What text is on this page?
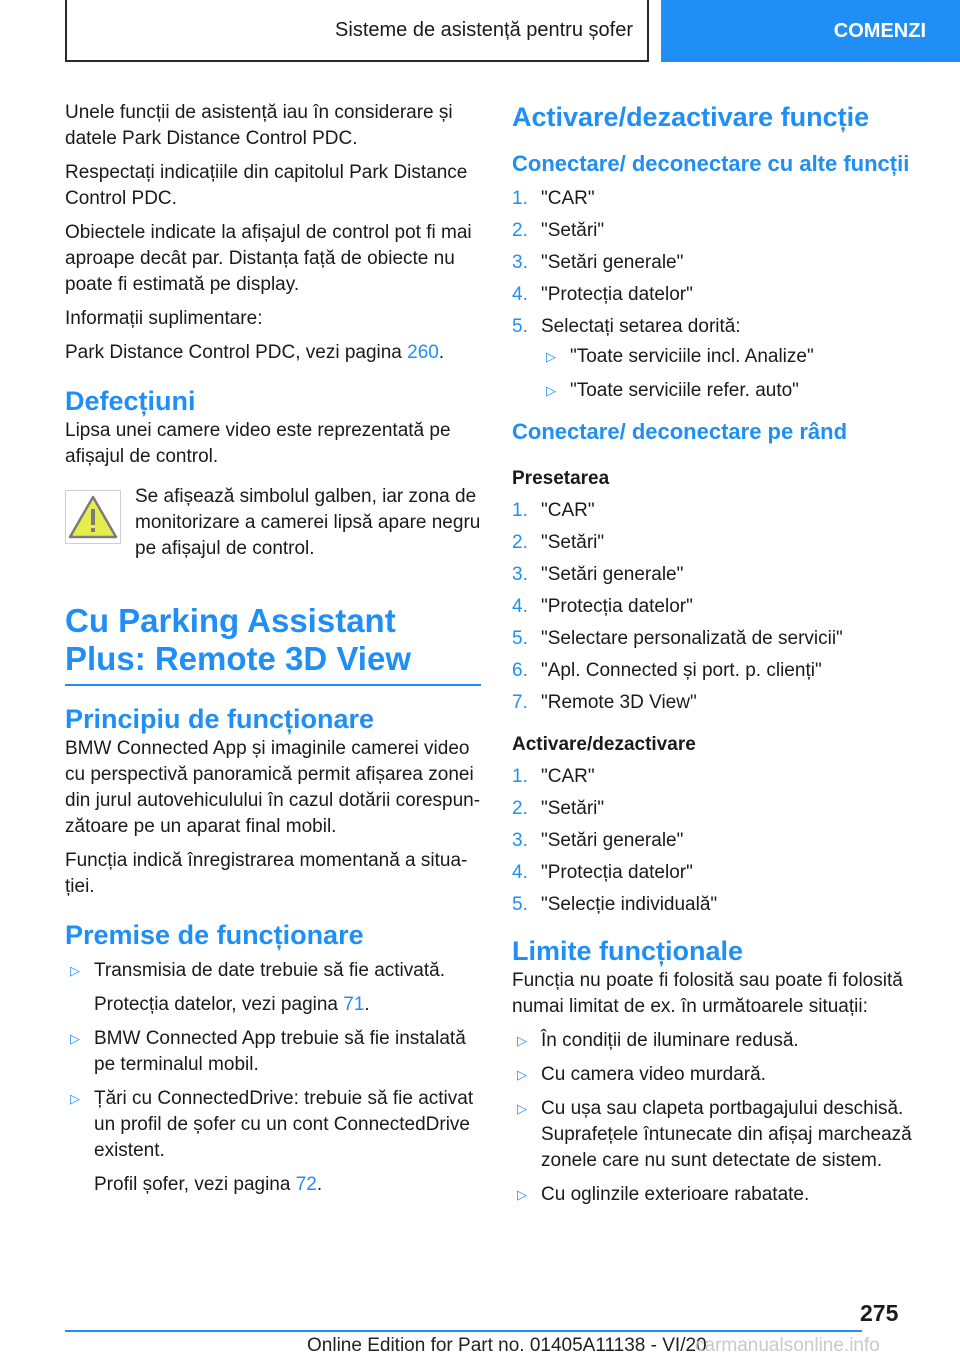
Sisteme de asistență pentru șofer	COMENZI

Unele funcții de asistență iau în considerare și datele Park Distance Control PDC.

Respectați indicațiile din capitolul Park Distance Control PDC.

Obiectele indicate la afișajul de control pot fi mai aproape decât par. Distanța față de obiecte nu poate fi estimată pe display.

Informații suplimentare:

Park Distance Control PDC, vezi pagina 260.

Defecțiuni

Lipsa unei camere video este reprezentată pe afișajul de control.

Se afișează simbolul galben, iar zona de monitorizare a camerei lipsă apare negru pe afișajul de control.
Cu Parking Assistant Plus: Remote 3D View
Principiu de funcționare

BMW Connected App și imaginile camerei video cu perspectivă panoramică permit afișarea zonei din jurul autovehiculului în cazul dotării corespun-zătoare pe un aparat final mobil.

Funcția indică înregistrarea momentană a situa-ției.

Premise de funcționare
▷ Transmisia de date trebuie să fie activată.
Protecția datelor, vezi pagina 71.
▷ BMW Connected App trebuie să fie instalată pe terminalul mobil.
▷ Țări cu ConnectedDrive: trebuie să fie activat un profil de șofer cu un cont ConnectedDrive existent.
Profil șofer, vezi pagina 72.
Activare/dezactivare funcție
Conectare/ deconectare cu alte funcții
1. "CAR"
2. "Setări"
3. "Setări generale"
4. "Protecția datelor"
5. Selectați setarea dorită:
▷ "Toate serviciile incl. Analize"
▷ "Toate serviciile refer. auto"
Conectare/ deconectare pe rând

Presetarea

1. "CAR"
2. "Setări"
3. "Setări generale"
4. "Protecția datelor"
5. "Selectare personalizată de servicii"
6. "Apl. Connected și port. p. clienți"
7. "Remote 3D View"

Activare/dezactivare

1. "CAR"
2. "Setări"
3. "Setări generale"
4. "Protecția datelor"
5. "Selecție individuală"
Limite funcționale

Funcția nu poate fi folosită sau poate fi folosită numai limitat de ex. în următoarele situații:

▷ În condiții de iluminare redusă.
▷ Cu camera video murdară.
▷ Cu ușa sau clapeta portbagajului deschisă. Suprafețele întunecate din afișaj marchează zonele care nu sunt detectate de sistem.
▷ Cu oglinzile exterioare rabatate.
275
Online Edition for Part no. 01405A11138 - VI/20
carmanualsonline.info
